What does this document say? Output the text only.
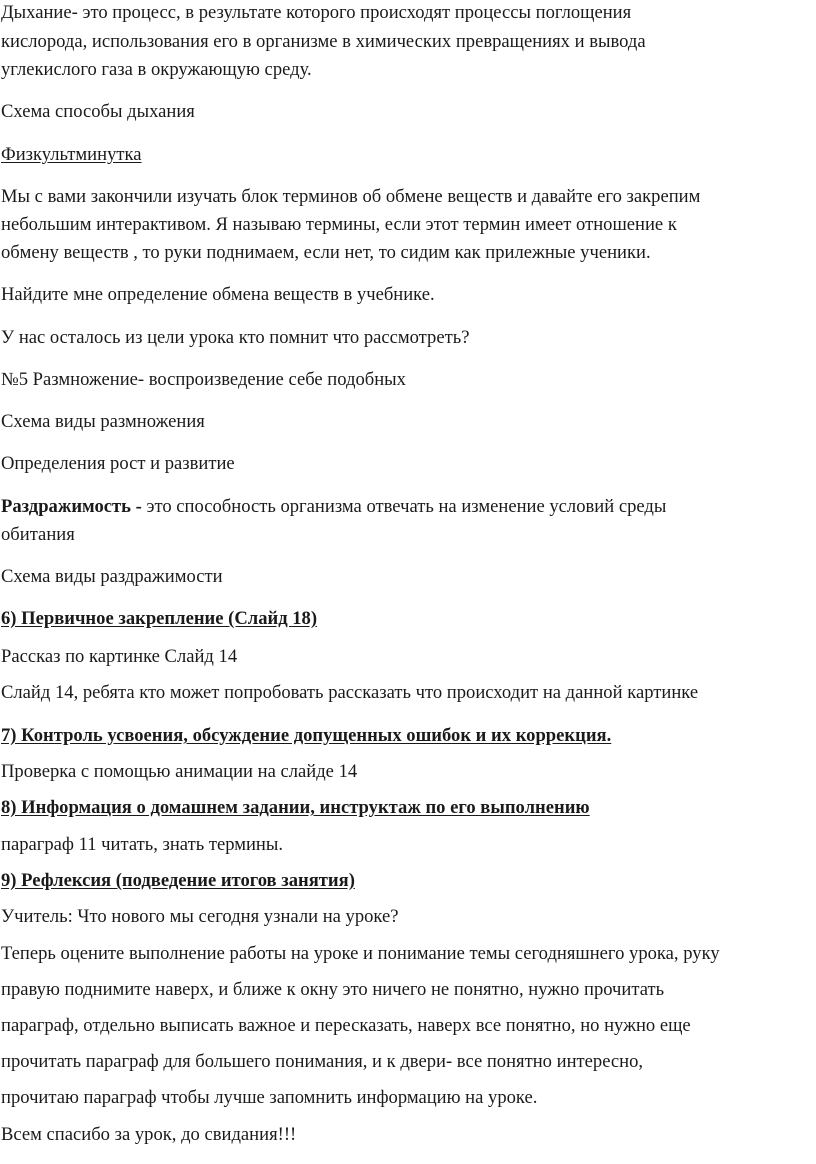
Дыхание- это процесс, в результате которого происходят процессы поглощения
кислорода, использования его в организме в химических превращениях и вывода
углекислого газа в окружающую среду.
Схема способы дыхания
Физкультминутка
Мы с вами закончили изучать блок терминов об обмене веществ и давайте его закрепим
небольшим интерактивом. Я называю термины, если этот термин имеет отношение к
обмену веществ , то руки поднимаем, если нет, то сидим как прилежные ученики.
Найдите мне определение обмена веществ в учебнике.
У нас осталось из цели урока кто помнит что рассмотреть?
№5 Размножение- воспроизведение себе подобных
Схема виды размножения
Определения рост и развитие
Раздражимость - это способность организма отвечать на изменение условий среды
обитания
Схема виды раздражимости
6) Первичное закрепление (Слайд 18)
Рассказ по картинке Слайд 14
Слайд 14, ребята кто может попробовать рассказать что происходит на данной картинке
7) Контроль усвоения, обсуждение допущенных ошибок и их коррекция.
Проверка с помощью анимации на слайде 14
8) Информация о домашнем задании, инструктаж по его выполнению
параграф 11 читать, знать термины.
9) Рефлексия (подведение итогов занятия)
Учитель: Что нового мы сегодня узнали на уроке?
Теперь оцените выполнение работы на уроке и понимание темы сегодняшнего урока, руку
правую поднимите наверх, и ближе к окну это ничего не понятно, нужно прочитать
параграф, отдельно выписать важное и пересказать, наверх все понятно, но нужно еще
прочитать параграф для большего понимания, и к двери- все понятно интересно,
прочитаю параграф чтобы лучше запомнить информацию на уроке.
Всем спасибо за урок, до свидания!!!
